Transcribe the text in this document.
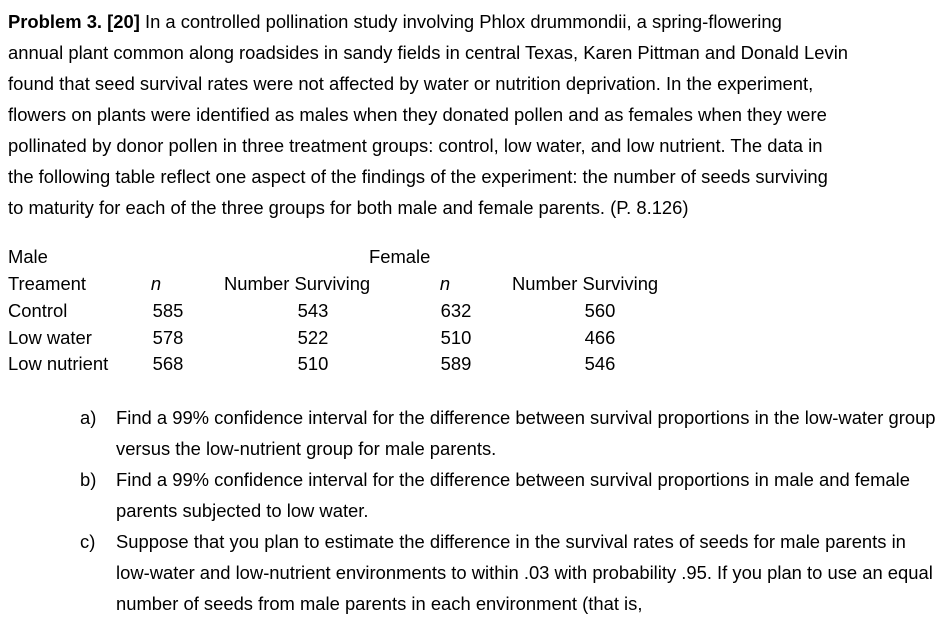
Problem 3. [20] In a controlled pollination study involving Phlox drummondii, a spring-flowering
annual plant common along roadsides in sandy fields in central Texas, Karen Pittman and Donald Levin
found that seed survival rates were not affected by water or nutrition deprivation. In the experiment,
flowers on plants were identified as males when they donated pollen and as females when they were
pollinated by donor pollen in three treatment groups: control, low water, and low nutrient. The data in
the following table reflect one aspect of the findings of the experiment: the number of seeds surviving
to maturity for each of the three groups for both male and female parents. (P. 8.126)

Male	Female
Treament	n	Number Surviving	n	Number Surviving
Control	585	543	632	560
Low water	578	522	510	466
Low nutrient	568	510	589	546
a) Find a 99% confidence interval for the difference between survival proportions in the low-water group versus the low-nutrient group for male parents.
b) Find a 99% confidence interval for the difference between survival proportions in male and female parents subjected to low water.
c) Suppose that you plan to estimate the difference in the survival rates of seeds for male parents in low-water and low-nutrient environments to within .03 with probability .95. If you plan to use an equal number of seeds from male parents in each environment (that is,
